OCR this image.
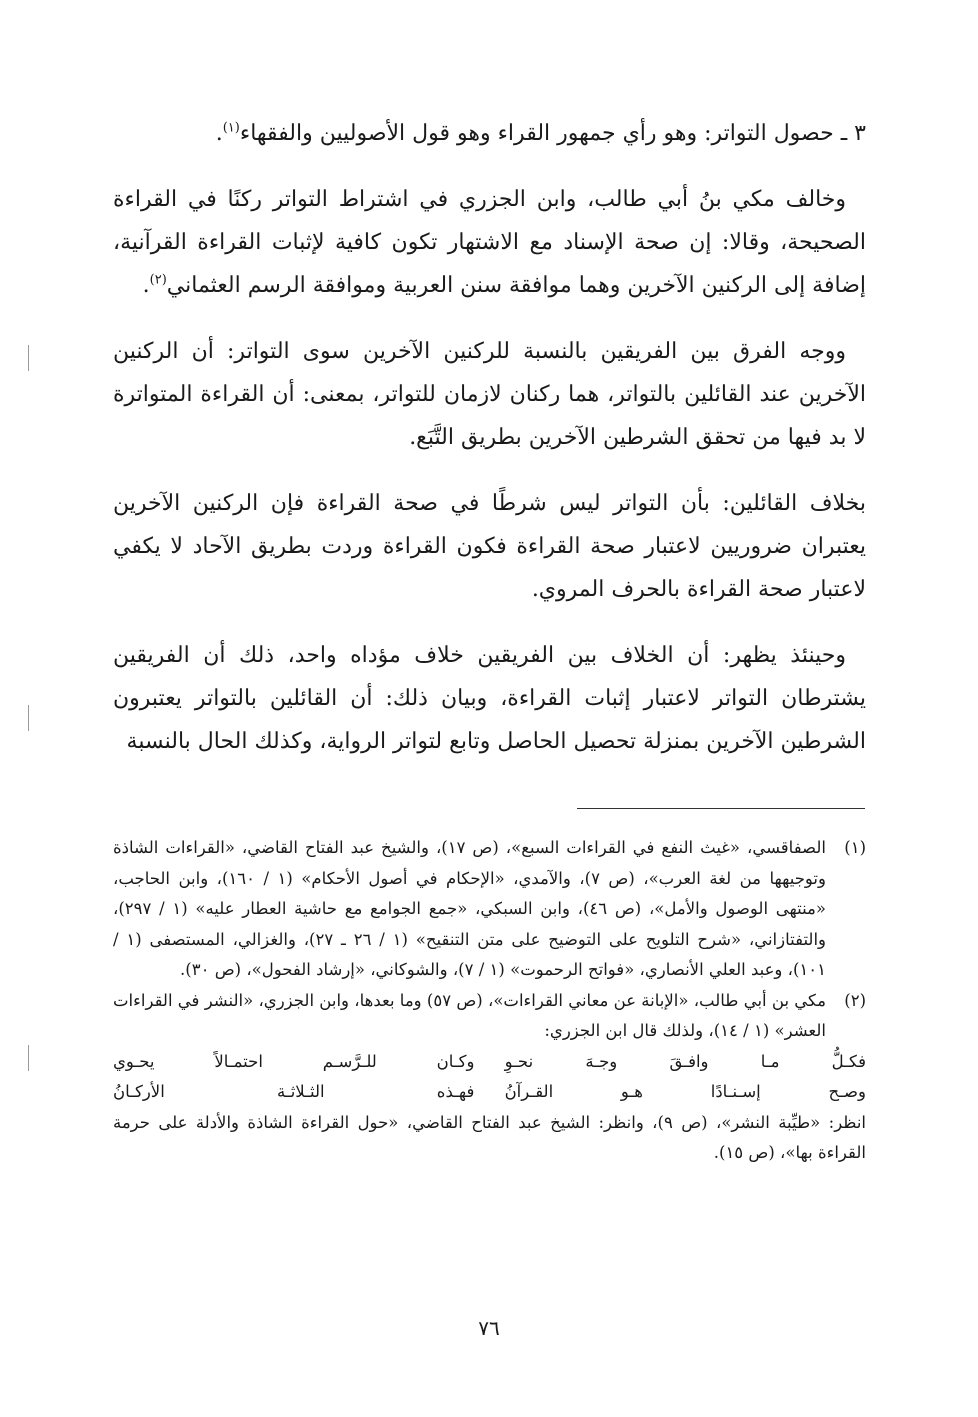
٣ ـ حصول التواتر: وهو رأي جمهور القراء وهو قول الأصوليين والفقهاء$^{(١)}$.

وخالف مكي بنُ أبي طالب، وابن الجزري في اشتراط التواتر ركنًا في القراءة الصحيحة، وقالا: إن صحة الإسناد مع الاشتهار تكون كافية لإثبات القراءة القرآنية، إضافة إلى الركنين الآخرين وهما موافقة سنن العربية وموافقة الرسم العثماني$^{(٢)}$.

ووجه الفرق بين الفريقين بالنسبة للركنين الآخرين سوى التواتر: أن الركنين الآخرين عند القائلين بالتواتر، هما ركنان لازمان للتواتر، بمعنى: أن القراءة المتواترة لا بد فيها من تحقق الشرطين الآخرين بطريق التَّبَع.

بخلاف القائلين: بأن التواتر ليس شرطًا في صحة القراءة فإن الركنين الآخرين يعتبران ضروريين لاعتبار صحة القراءة فكون القراءة وردت بطريق الآحاد لا يكفي لاعتبار صحة القراءة بالحرف المروي.

وحينئذ يظهر: أن الخلاف بين الفريقين خلاف مؤداه واحد، ذلك أن الفريقين يشترطان التواتر لاعتبار إثبات القراءة، وبيان ذلك: أن القائلين بالتواتر يعتبرون الشرطين الآخرين بمنزلة تحصيل الحاصل وتابع لتواتر الرواية، وكذلك الحال بالنسبة

(١)
الصفاقسي، «غيث النفع في القراءات السبع»، (ص ١٧)، والشيخ عبد الفتاح القاضي، «القراءات الشاذة وتوجيهها من لغة العرب»، (ص ٧)، والآمدي، «الإحكام في أصول الأحكام» (١ / ١٦٠)، وابن الحاجب، «منتهى الوصول والأمل»، (ص ٤٦)، وابن السبكي، «جمع الجوامع مع حاشية العطار عليه» (١ / ٢٩٧)، والتفتازاني، «شرح التلويح على التوضيح على متن التنقيح» (١ / ٢٦ ـ ٢٧)، والغزالي، المستصفى (١ / ١٠١)، وعبد العلي الأنصاري، «فواتح الرحموت» (١ / ٧)، والشوكاني، «إرشاد الفحول»، (ص ٣٠).
(٢)
مكي بن أبي طالب، «الإبانة عن معاني القراءات»، (ص ٥٧) وما بعدها، وابن الجزري، «النشر في القراءات العشر» (١ / ١٤)، ولذلك قال ابن الجزري:
فكـلُّ مـا وافـقَ وجـهَ نحـوِ
وكـان للـرَّسـم احتمـالاً يحـوي
وصـح إسـنـادًا هـو القـرآنُ
فهـذه الثـلاثـة الأركـانُ
انظر: «طيِّبة النشر»، (ص ٩)، وانظر: الشيخ عبد الفتاح القاضي، «حول القراءة الشاذة والأدلة على حرمة القراءة بها»، (ص ١٥).
٧٦
